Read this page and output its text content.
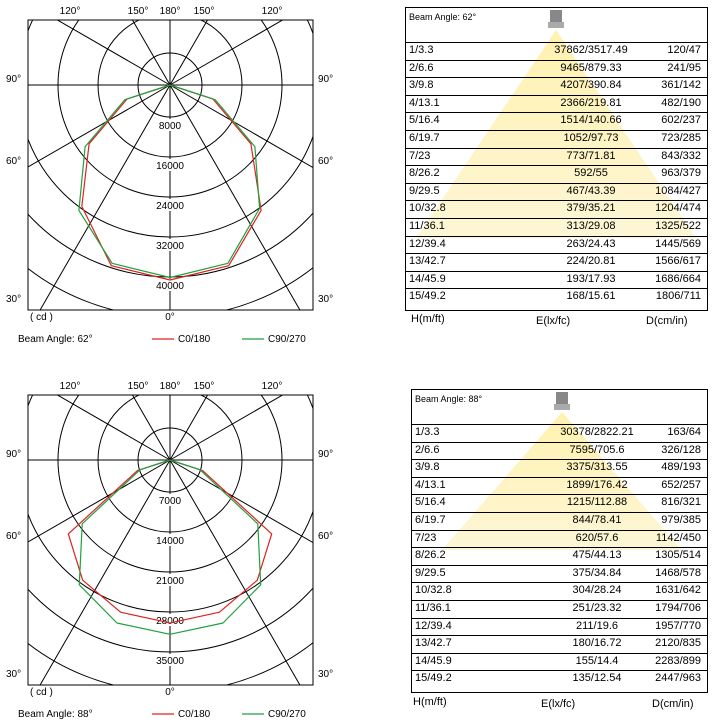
120°	150° 180° 150°	120°
90°
60°
30°
90°
60°
30°
0°
( cd )
8000
16000
24000
32000
40000
Beam Angle: 62°	C0/180	C90/270
120°	150° 180° 150°	120°
90°
60°
30°
90°
60°
30°
0°
( cd )
7000
14000
21000
28000
35000
Beam Angle: 88°	C0/180	C90/270
Beam Angle: 62°
1/3.3	37862/3517.49	120/47
2/6.6	9465/879.33	241/95
3/9.8	4207/390.84	361/142
4/13.1	2366/219.81	482/190
5/16.4	1514/140.66	602/237
6/19.7	1052/97.73	723/285
7/23	773/71.81	843/332
8/26.2	592/55	963/379
9/29.5	467/43.39	1084/427
10/32.8	379/35.21	1204/474
11/36.1	313/29.08	1325/522
12/39.4	263/24.43	1445/569
13/42.7	224/20.81	1566/617
14/45.9	193/17.93	1686/664
15/49.2	168/15.61	1806/711
H(m/ft)	E(lx/fc)	D(cm/in)
Beam Angle: 88°
1/3.3	30378/2822.21	163/64
2/6.6	7595/705.6	326/128
3/9.8	3375/313.55	489/193
4/13.1	1899/176.42	652/257
5/16.4	1215/112.88	816/321
6/19.7	844/78.41	979/385
7/23	620/57.6	1142/450
8/26.2	475/44.13	1305/514
9/29.5	375/34.84	1468/578
10/32.8	304/28.24	1631/642
11/36.1	251/23.32	1794/706
12/39.4	211/19.6	1957/770
13/42.7	180/16.72	2120/835
14/45.9	155/14.4	2283/899
15/49.2	135/12.54	2447/963
H(m/ft)	E(lx/fc)	D(cm/in)
